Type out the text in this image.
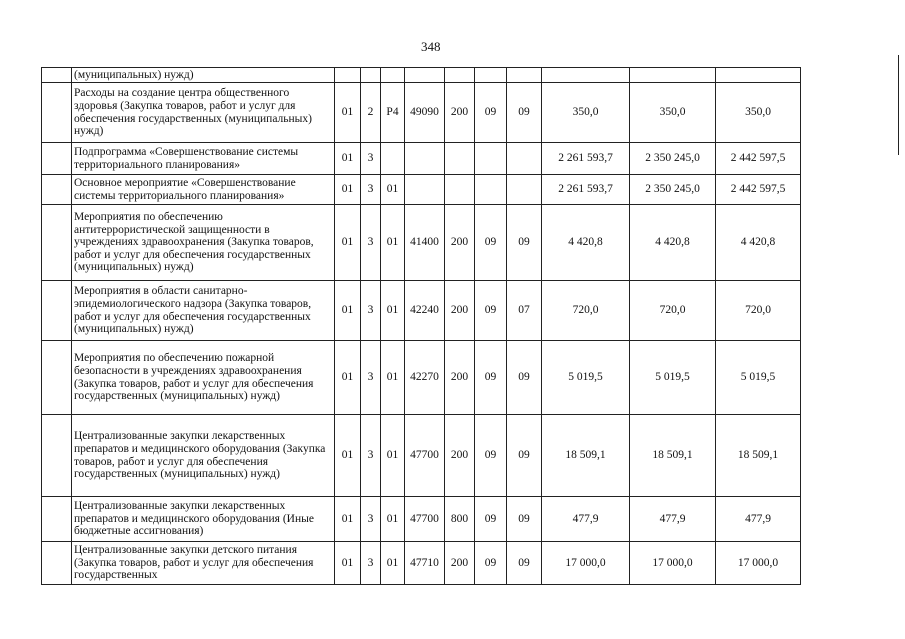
348
	(муниципальных) нужд)										
	Расходы на создание центра общественного здоровья (Закупка товаров, работ и услуг для обеспечения государственных (муниципальных) нужд)	01	2	P4	49090	200	09	09	350,0	350,0	350,0
	Подпрограмма «Совершенствование системы территориального планирования»	01	3						2 261 593,7	2 350 245,0	2 442 597,5
	Основное мероприятие «Совершенствование системы территориального планирования»	01	3	01					2 261 593,7	2 350 245,0	2 442 597,5
	Мероприятия по обеспечению антитеррористической защищенности в учреждениях здравоохранения (Закупка товаров, работ и услуг для обеспечения государственных (муниципальных) нужд)	01	3	01	41400	200	09	09	4 420,8	4 420,8	4 420,8
	Мероприятия в области санитарно-эпидемиологического надзора (Закупка товаров, работ и услуг для обеспечения государственных (муниципальных) нужд)	01	3	01	42240	200	09	07	720,0	720,0	720,0
	Мероприятия по обеспечению пожарной безопасности в учреждениях здравоохранения (Закупка товаров, работ и услуг для обеспечения государственных (муниципальных) нужд)	01	3	01	42270	200	09	09	5 019,5	5 019,5	5 019,5
	Централизованные закупки лекарственных препаратов и медицинского оборудования (Закупка товаров, работ и услуг для обеспечения государственных (муниципальных) нужд)	01	3	01	47700	200	09	09	18 509,1	18 509,1	18 509,1
	Централизованные закупки лекарственных препаратов и медицинского оборудования (Иные бюджетные ассигнования)	01	3	01	47700	800	09	09	477,9	477,9	477,9
	Централизованные закупки детского питания (Закупка товаров, работ и услуг для обеспечения государственных	01	3	01	47710	200	09	09	17 000,0	17 000,0	17 000,0
